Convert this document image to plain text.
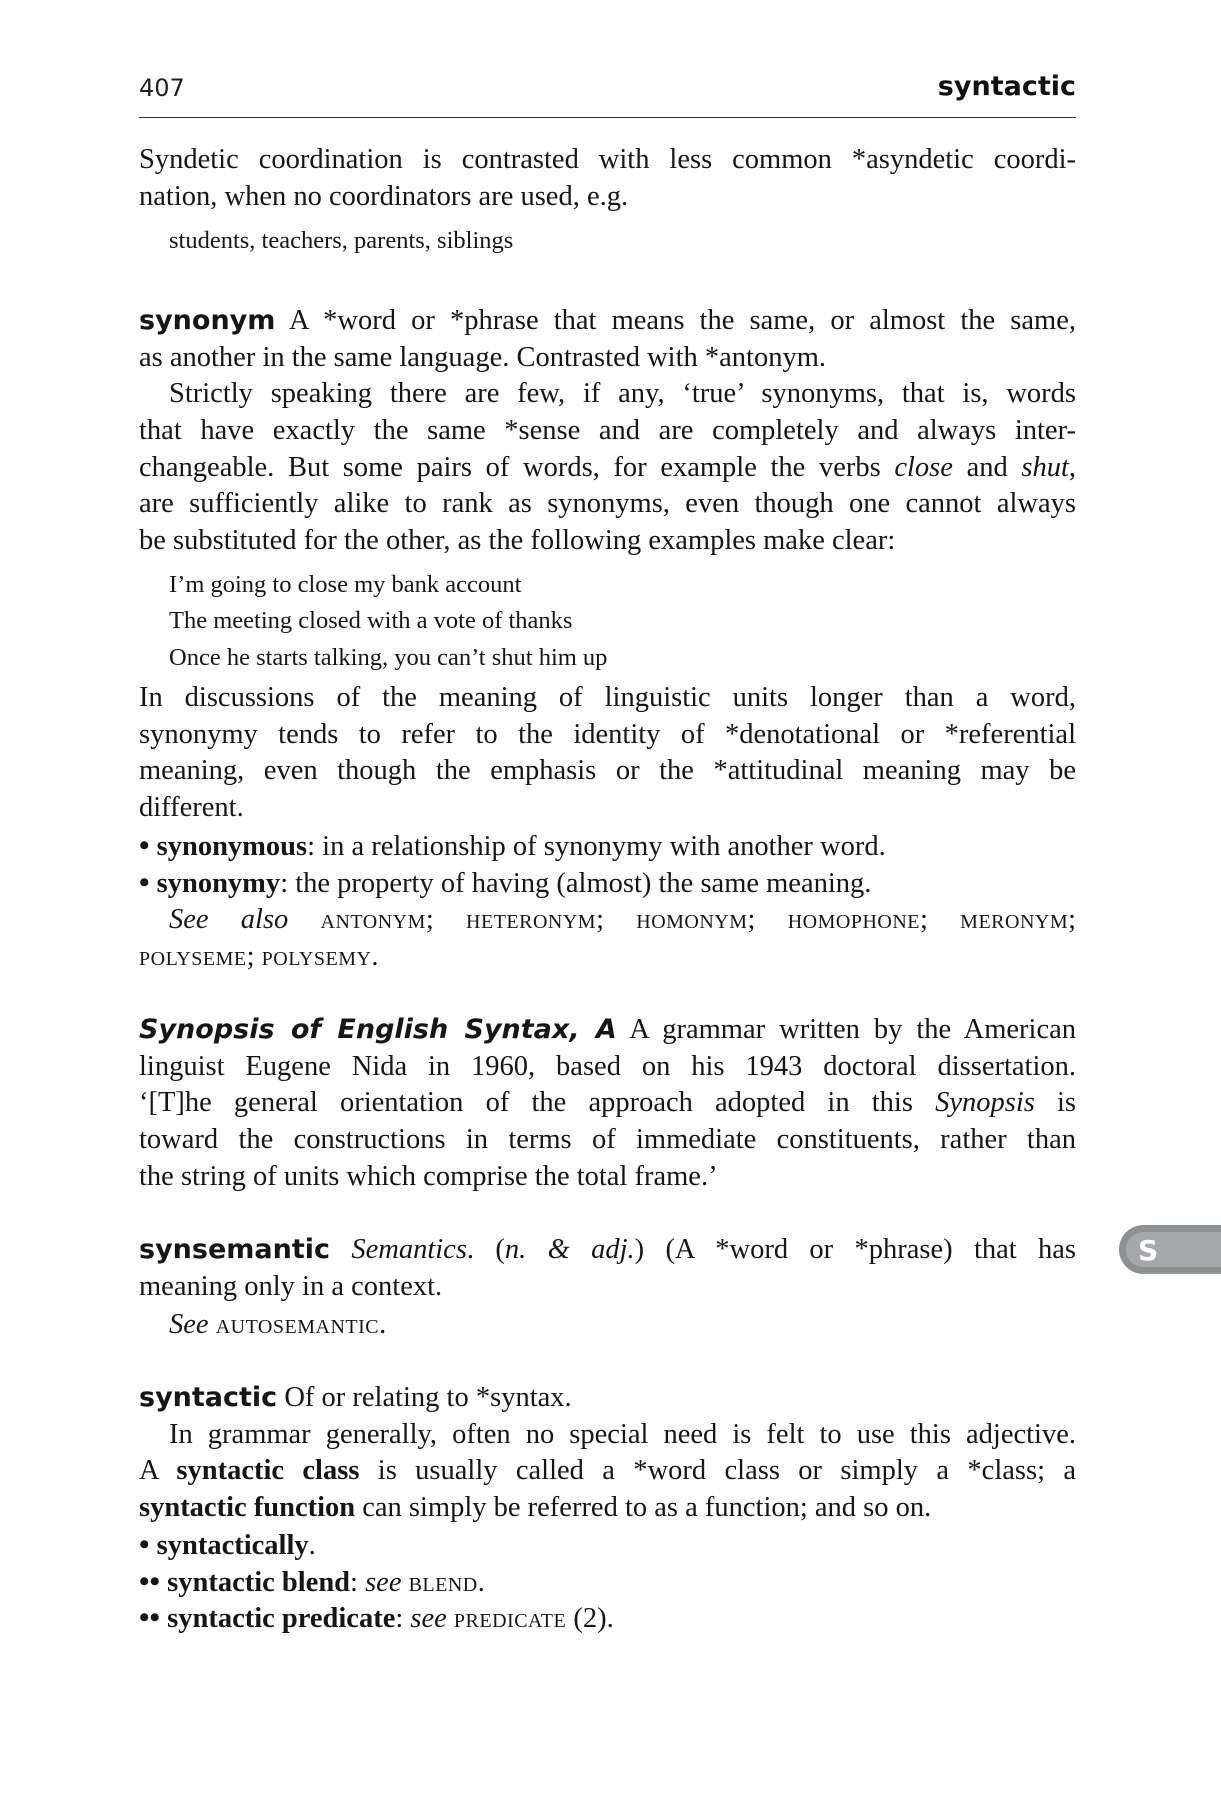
407	syntactic
S
Syndetic coordination is contrasted with less common *asyndetic coordi-
nation, when no coordinators are used, e.g.
students, teachers, parents, siblings
synonym A *word or *phrase that means the same, or almost the same,
as another in the same language. Contrasted with *antonym.
Strictly speaking there are few, if any, ‘true’ synonyms, that is, words
that have exactly the same *sense and are completely and always inter-
changeable. But some pairs of words, for example the verbs close and shut,
are sufficiently alike to rank as synonyms, even though one cannot always
be substituted for the other, as the following examples make clear:
I’m going to close my bank account
The meeting closed with a vote of thanks
Once he starts talking, you can’t shut him up
In discussions of the meaning of linguistic units longer than a word,
synonymy tends to refer to the identity of *denotational or *referential
meaning, even though the emphasis or the *attitudinal meaning may be
different.
• synonymous: in a relationship of synonymy with another word.
• synonymy: the property of having (almost) the same meaning.
See also antonym; heteronym; homonym; homophone; meronym;
polyseme; polysemy.
Synopsis of English Syntax, A A grammar written by the American
linguist Eugene Nida in 1960, based on his 1943 doctoral dissertation.
‘[T]he general orientation of the approach adopted in this Synopsis is
toward the constructions in terms of immediate constituents, rather than
the string of units which comprise the total frame.’
synsemantic Semantics. (n. & adj.) (A *word or *phrase) that has
meaning only in a context.
See autosemantic.
syntactic Of or relating to *syntax.
In grammar generally, often no special need is felt to use this adjective.
A syntactic class is usually called a *word class or simply a *class; a
syntactic function can simply be referred to as a function; and so on.
• syntactically.
•• syntactic blend: see blend.
•• syntactic predicate: see predicate (2).
